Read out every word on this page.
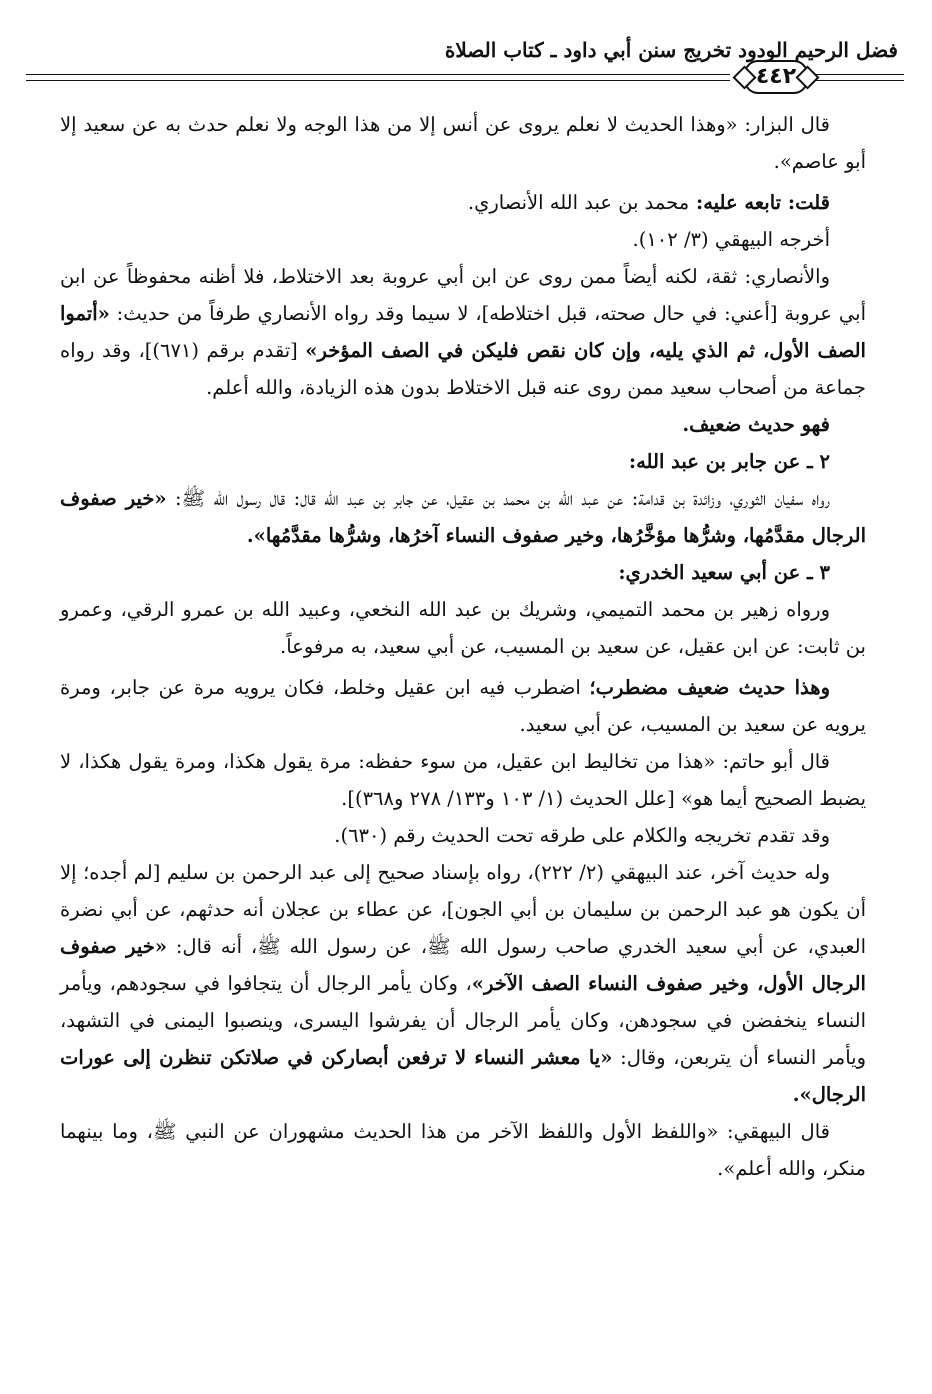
فضل الرحيم الودود تخريج سنن أبي داود ـ كتاب الصلاة
٤٤٢

قال البزار: «وهذا الحديث لا نعلم يروى عن أنس إلا من هذا الوجه ولا نعلم حدث به عن سعيد إلا أبو عاصم».

قلت: تابعه عليه: محمد بن عبد الله الأنصاري.

أخرجه البيهقي (٣/ ١٠٢).

والأنصاري: ثقة، لكنه أيضاً ممن روى عن ابن أبي عروبة بعد الاختلاط، فلا أظنه محفوظاً عن ابن أبي عروبة [أعني: في حال صحته، قبل اختلاطه]، لا سيما وقد رواه الأنصاري طرفاً من حديث: «أتموا الصف الأول، ثم الذي يليه، وإن كان نقص فليكن في الصف المؤخر» [تقدم برقم (٦٧١)]، وقد رواه جماعة من أصحاب سعيد ممن روى عنه قبل الاختلاط بدون هذه الزيادة، والله أعلم.

فهو حديث ضعيف.

٢ ـ عن جابر بن عبد الله:

رواه سفيان الثوري، وزائدة بن قدامة: عن عبد الله بن محمد بن عقيل، عن جابر بن عبد الله قال: قال رسول الله ﷺ: «خير صفوف الرجال مقدَّمُها، وشرُّها مؤخَّرُها، وخير صفوف النساء آخرُها، وشرُّها مقدَّمُها».

٣ ـ عن أبي سعيد الخدري:

ورواه زهير بن محمد التميمي، وشريك بن عبد الله النخعي، وعبيد الله بن عمرو الرقي، وعمرو بن ثابت: عن ابن عقيل، عن سعيد بن المسيب، عن أبي سعيد، به مرفوعاً.

وهذا حديث ضعيف مضطرب؛ اضطرب فيه ابن عقيل وخلط، فكان يرويه مرة عن جابر، ومرة يرويه عن سعيد بن المسيب، عن أبي سعيد.

قال أبو حاتم: «هذا من تخاليط ابن عقيل، من سوء حفظه: مرة يقول هكذا، ومرة يقول هكذا، لا يضبط الصحيح أيما هو» [علل الحديث (١/ ١٠٣ و١٣٣/ ٢٧٨ و٣٦٨)].

وقد تقدم تخريجه والكلام على طرقه تحت الحديث رقم (٦٣٠).

وله حديث آخر، عند البيهقي (٢/ ٢٢٢)، رواه بإسناد صحيح إلى عبد الرحمن بن سليم [لم أجده؛ إلا أن يكون هو عبد الرحمن بن سليمان بن أبي الجون]، عن عطاء بن عجلان أنه حدثهم، عن أبي نضرة العبدي، عن أبي سعيد الخدري صاحب رسول الله ﷺ، عن رسول الله ﷺ، أنه قال: «خير صفوف الرجال الأول، وخير صفوف النساء الصف الآخر»، وكان يأمر الرجال أن يتجافوا في سجودهم، ويأمر النساء ينخفضن في سجودهن، وكان يأمر الرجال أن يفرشوا اليسرى، وينصبوا اليمنى في التشهد، ويأمر النساء أن يتربعن، وقال: «يا معشر النساء لا ترفعن أبصاركن في صلاتكن تنظرن إلى عورات الرجال».

قال البيهقي: «واللفظ الأول واللفظ الآخر من هذا الحديث مشهوران عن النبي ﷺ، وما بينهما منكر، والله أعلم».
